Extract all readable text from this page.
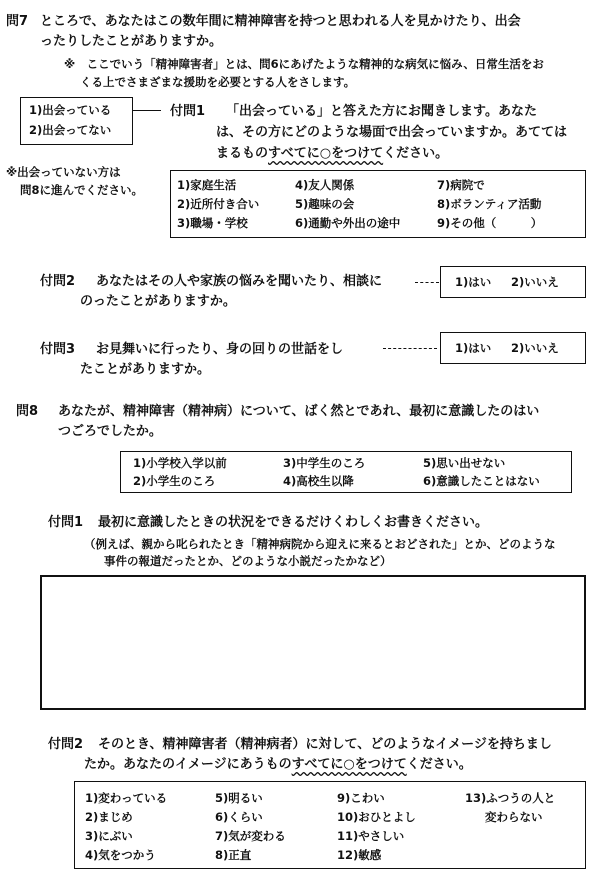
問7 ところで、あなたはこの数年間に精神障害を持つと思われる人を見かけたり、出会
ったりしたことがありますか。
※　ここでいう「精神障害者」とは、問6にあげたような精神的な病気に悩み、日常生活をお
くる上でさまざまな援助を必要とする人をさします。
1)出会っている
2)出会ってない
付問1 「出会っている」と答えた方にお聞きします。あなた
は、その方にどのような場面で出会っていますか。あてては
まるものすべてに○をつけてください。
※出会っていない方は
問8に進んでください。	1)家庭生活	4)友人関係	7)病院で
2)近所付き合い	5)趣味の会	8)ボランティア活動
3)職場・学校	6)通勤や外出の途中	9)その他（　　　）
付問2 あなたはその人や家族の悩みを聞いたり、相談に
のったことがありますか。
1)はい 2)いいえ
付問3 お見舞いに行ったり、身の回りの世話をし
たことがありますか。
1)はい 2)いいえ
問8 あなたが、精神障害（精神病）について、ばく然とであれ、最初に意識したのはい
つごろでしたか。
1)小学校入学以前	3)中学生のころ	5)思い出せない
2)小学生のころ	4)高校生以降	6)意識したことはない
付問1 最初に意識したときの状況をできるだけくわしくお書きください。
（例えば、親から叱られたとき「精神病院から迎えに来るとおどされた」とか、どのような
事件の報道だったとか、どのような小説だったかなど）
付問2 そのとき、精神障害者（精神病者）に対して、どのようなイメージを持ちまし
たか。あなたのイメージにあうものすべてに○をつけてください。
1)変わっている	5)明るい	9)こわい	13)ふつうの人と
2)まじめ	6)くらい	10)おひとよし	変わらない
3)にぶい	7)気が変わる	11)やさしい
4)気をつかう	8)正直	12)敏感
